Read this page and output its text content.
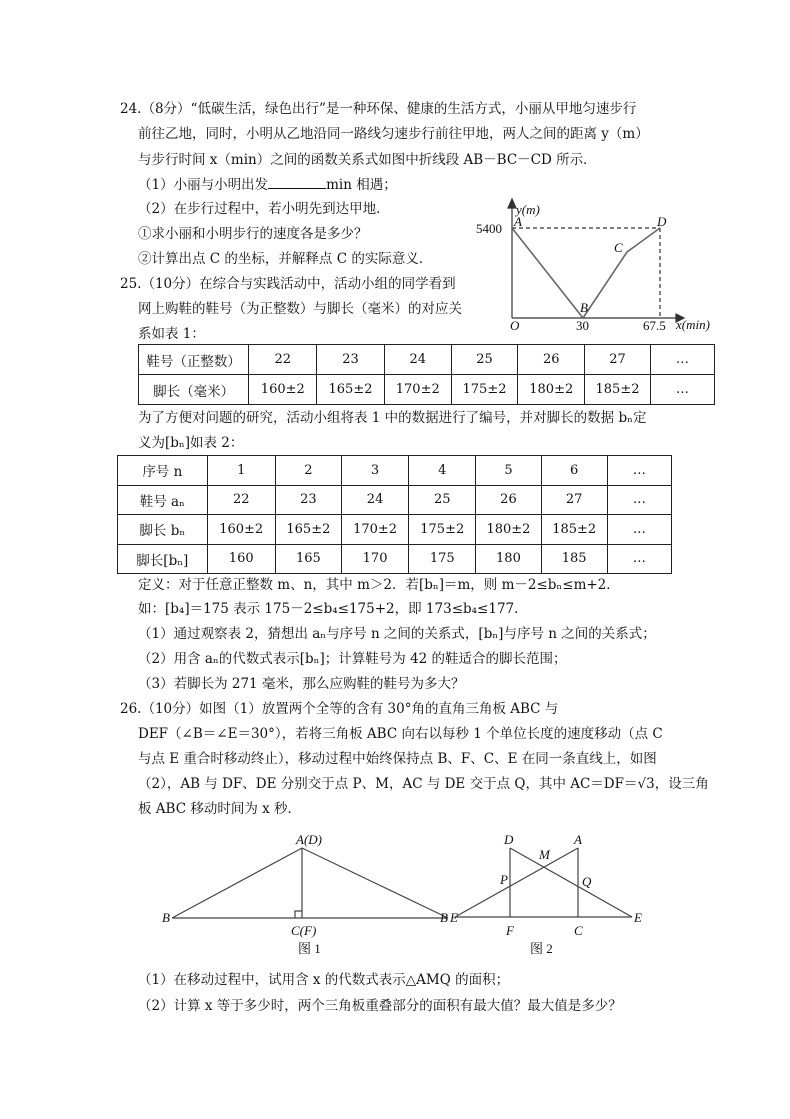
24.（8分）“低碳生活，绿色出行”是一种环保、健康的生活方式，小丽从甲地匀速步行
前往乙地，同时，小明从乙地沿同一路线匀速步行前往甲地，两人之间的距离 y（m）
与步行时间 x（min）之间的函数关系式如图中折线段 AB－BC－CD 所示．
（1）小丽与小明出发	min 相遇；
（2）在步行过程中，若小明先到达甲地．
①求小丽和小明步行的速度各是多少？
②计算出点 C 的坐标，并解释点 C 的实际意义．
y(m)
x(min)
O
5400
30	67.5
A
B
C
D
A(D)
B
C(F)
E
图 1
D	A
M
P	Q
B
F	C
E
图 2
25.（10分）在综合与实践活动中，活动小组的同学看到
网上购鞋的鞋号（为正整数）与脚长（毫米）的对应关
系如表 1：
鞋号（正整数）	22	23	24	25	26	27	…
脚长（毫米）	160±2	165±2	170±2	175±2	180±2	185±2	…
为了方便对问题的研究，活动小组将表 1 中的数据进行了编号，并对脚长的数据 bₙ定
义为[bₙ]如表 2：
序号 n	1	2	3	4	5	6	…
鞋号 aₙ	22	23	24	25	26	27	…
脚长 bₙ	160±2	165±2	170±2	175±2	180±2	185±2	…
脚长[bₙ]	160	165	170	175	180	185	…
定义：对于任意正整数 m、n，其中 m＞2．若[bₙ]＝m，则 m－2≤bₙ≤m+2．
如：[b₄]＝175 表示 175－2≤b₄≤175+2，即 173≤b₄≤177．
（1）通过观察表 2，猜想出 aₙ与序号 n 之间的关系式，[bₙ]与序号 n 之间的关系式；
（2）用含 aₙ的代数式表示[bₙ]；计算鞋号为 42 的鞋适合的脚长范围；
（3）若脚长为 271 毫米，那么应购鞋的鞋号为多大？
26.（10分）如图（1）放置两个全等的含有 30°角的直角三角板 ABC 与
DEF（∠B＝∠E＝30°），若将三角板 ABC 向右以每秒 1 个单位长度的速度移动（点 C
与点 E 重合时移动终止），移动过程中始终保持点 B、F、C、E 在同一条直线上，如图
（2），AB 与 DF、DE 分别交于点 P、M，AC 与 DE 交于点 Q，其中 AC＝DF＝√3，设三角
板 ABC 移动时间为 x 秒．
（1）在移动过程中，试用含 x 的代数式表示△AMQ 的面积；
（2）计算 x 等于多少时，两个三角板重叠部分的面积有最大值？最大值是多少？
